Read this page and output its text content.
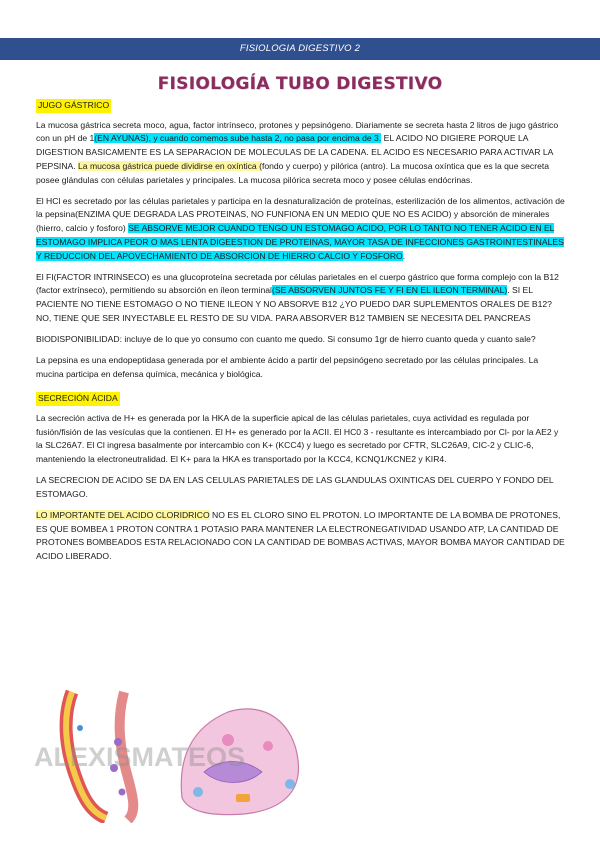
FISIOLOGIA DIGESTIVO 2
FISIOLOGÍA TUBO DIGESTIVO
JUGO GÁSTRICO

La mucosa gástrica secreta moco, agua, factor intrínseco, protones y pepsinógeno. Diariamente se secreta hasta 2 litros de jugo gástrico con un pH de 1(EN AYUNAS), y cuando comemos sube hasta 2, no pasa por encima de 3. EL ACIDO NO DIGIERE PORQUE LA DIGESTION BASICAMENTE ES LA SEPARACION DE MOLECULAS DE LA CADENA. EL ACIDO ES NECESARIO PARA ACTIVAR LA PEPSINA. La mucosa gástrica puede dividirse en oxíntica (fondo y cuerpo) y pilórica (antro). La mucosa oxíntica que es la que secreta posee glándulas con células parietales y principales. La mucosa pilórica secreta moco y posee células endócrinas.

El HCl es secretado por las células parietales y participa en la desnaturalización de proteínas, esterilización de los alimentos, activación de la pepsina(ENZIMA QUE DEGRADA LAS PROTEINAS, NO FUNFIONA EN UN MEDIO QUE NO ES ACIDO) y absorción de minerales (hierro, calcio y fosforo) SE ABSORVE MEJOR CUANDO TENGO UN ESTOMAGO ACIDO, POR LO TANTO NO TENER ACIDO EN EL ESTOMAGO IMPLICA PEOR O MAS LENTA DIGEESTION DE PROTEINAS, MAYOR TASA DE INFECCIONES GASTROINTESTINALES Y REDUCCION DEL APOVECHAMIENTO DE ABSORCION DE HIERRO CALCIO Y FOSFORO.

El FI(FACTOR INTRINSECO) es una glucoproteína secretada por células parietales en el cuerpo gástrico que forma complejo con la B12 (factor extrínseco), permitiendo su absorción en íleon terminal(SE ABSORVEN JUNTOS FE Y FI EN EL ILEON TERMINAL). SI EL PACIENTE NO TIENE ESTOMAGO O NO TIENE ILEON Y NO ABSORVE B12 ¿YO PUEDO DAR SUPLEMENTOS ORALES DE B12? NO, TIENE QUE SER INYECTABLE EL RESTO DE SU VIDA. PARA ABSORVER B12 TAMBIEN SE NECESITA DEL PANCREAS

BIODISPONIBILIDAD: incluye de lo que yo consumo con cuanto me quedo. Si consumo 1gr de hierro cuanto queda y cuanto sale?

La pepsina es una endopeptidasa generada por el ambiente ácido a partir del pepsinógeno secretado por las células principales. La mucina participa en defensa química, mecánica y biológica.

SECRECIÓN ÁCIDA

La secreción activa de H+ es generada por la HKA de la superficie apical de las células parietales, cuya actividad es regulada por fusión/fisión de las vesículas que la contienen. El H+ es generado por la ACII. El HC0 3 - resultante es intercambiado por Cl- por la AE2 y la SLC26A7. El Cl ingresa basalmente por intercambio con K+ (KCC4) y luego es secretado por CFTR, SLC26A9, CIC-2 y CLIC-6, manteniendo la electroneutralidad. El K+ para la HKA es transportado por la KCC4, KCNQ1/KCNE2 y KIR4.

LA SECRECION DE ACIDO SE DA EN LAS CELULAS PARIETALES DE LAS GLANDULAS OXINTICAS DEL CUERPO Y FONDO DEL ESTOMAGO.

LO IMPORTANTE DEL ACIDO CLORIDRICO NO ES EL CLORO SINO EL PROTON. LO IMPORTANTE DE LA BOMBA DE PROTONES, ES QUE BOMBEA 1 PROTON CONTRA 1 POTASIO PARA MANTENER LA ELECTRONEGATIVIDAD USANDO ATP, LA CANTIDAD DE PROTONES BOMBEADOS ESTA RELACIONADO CON LA CANTIDAD DE BOMBAS ACTIVAS, MAYOR BOMBA MAYOR CANTIDAD DE ACIDO LIBERADO.

ALEXISMATEOS
